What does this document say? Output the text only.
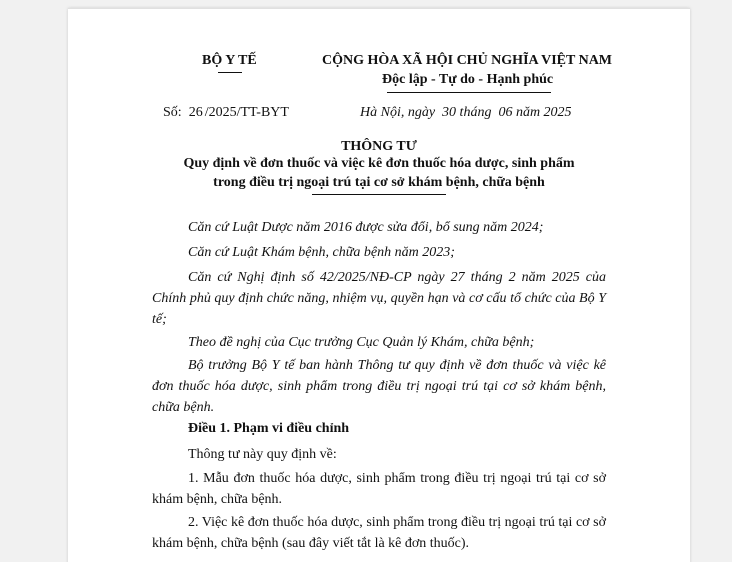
BỘ Y TẾ	CỘNG HÒA XÃ HỘI CHỦ NGHĨA VIỆT NAM
Độc lập - Tự do - Hạnh phúc
Số: 26 /2025/TT-BYT	Hà Nội, ngày  30 tháng  06 năm 2025
THÔNG TƯ
Quy định về đơn thuốc và việc kê đơn thuốc hóa dược, sinh phẩm
trong điều trị ngoại trú tại cơ sở khám bệnh, chữa bệnh

Căn cứ Luật Dược năm 2016 được sửa đổi, bổ sung năm 2024;

Căn cứ Luật Khám bệnh, chữa bệnh năm 2023;

Căn cứ Nghị định số 42/2025/NĐ-CP ngày 27 tháng 2 năm 2025 của Chính phủ quy định chức năng, nhiệm vụ, quyền hạn và cơ cấu tổ chức của Bộ Y tế;

Theo đề nghị của Cục trưởng Cục Quản lý Khám, chữa bệnh;

Bộ trưởng Bộ Y tế ban hành Thông tư quy định về đơn thuốc và việc kê đơn thuốc hóa dược, sinh phẩm trong điều trị ngoại trú tại cơ sở khám bệnh, chữa bệnh.

Điều 1. Phạm vi điều chỉnh

Thông tư này quy định về:

1. Mẫu đơn thuốc hóa dược, sinh phẩm trong điều trị ngoại trú tại cơ sở khám bệnh, chữa bệnh.

2. Việc kê đơn thuốc hóa dược, sinh phẩm trong điều trị ngoại trú tại cơ sở khám bệnh, chữa bệnh (sau đây viết tắt là kê đơn thuốc).
